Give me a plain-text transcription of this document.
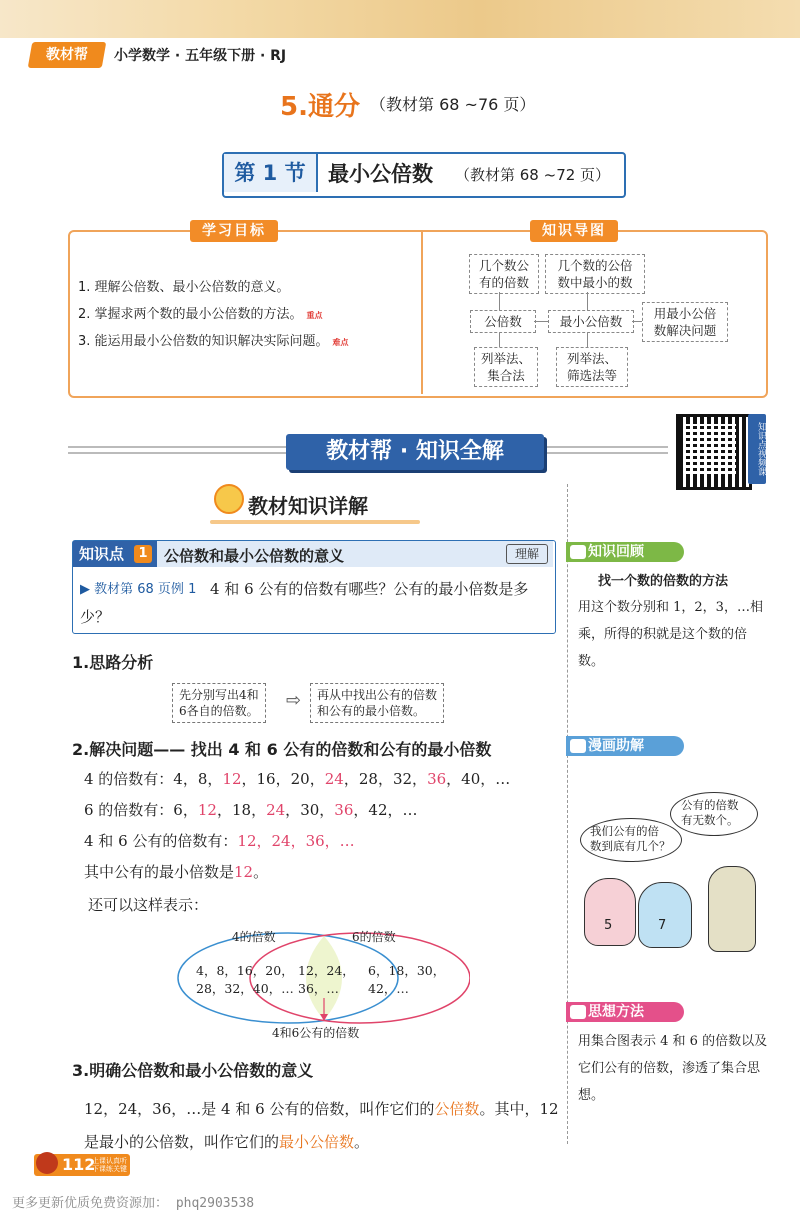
教材帮	小学数学 · 五年级下册 · RJ
5.通分 （教材第 68 ~76 页）
第 1 节	最小公倍数 （教材第 68 ~72 页）
学习目标	知识导图
1. 理解公倍数、最小公倍数的意义。
2. 掌握求两个数的最小公倍数的方法。 重点
3. 能运用最小公倍数的知识解决实际问题。 难点
几个数公
有的倍数
几个数的公倍
数中最小的数
公倍数	最小公倍数
用最小公倍
数解决问题
列举法、
集合法
列举法、
筛选法等
教材帮 · 知识全解	知识点视频课
教材知识详解
知识点	1 公倍数和最小公倍数的意义	理解
▶ 教材第 68 页例 1 4 和 6 公有的倍数有哪些？公有的最小倍数是多少？
1.思路分析
先分别写出4和
6各自的倍数。	⇨	再从中找出公有的倍数
和公有的最小倍数。
2.解决问题—— 找出 4 和 6 公有的倍数和公有的最小倍数
4 的倍数有：4，8，12，16，20，24，28，32，36，40，…
6 的倍数有：6，12，18，24，30，36，42，…
4 和 6 公有的倍数有：12，24，36，…
其中公有的最小倍数是12。
还可以这样表示：
4的倍数	6的倍数
4，8，16，20，
28，32，40，…
12，24，
36，…
6，18，30，
42，…
4和6公有的倍数
3.明确公倍数和最小公倍数的意义
12，24，36，…是 4 和 6 公有的倍数，叫作它们的公倍数。其中，12
是最小的公倍数，叫作它们的最小公倍数。
知识回顾
找一个数的倍数的方法
用这个数分别和 1，2，3，…相乘，所得的积就是这个数的倍数。
漫画助解
我们公有的倍
数到底有几个？
公有的倍数
有无数个。
5	7
思想方法
用集合图表示 4 和 6 的倍数以及它们公有的倍数，渗透了集合思想。
112
上课认真听
下课练关键
更多更新优质免费资源加： phq2903538
